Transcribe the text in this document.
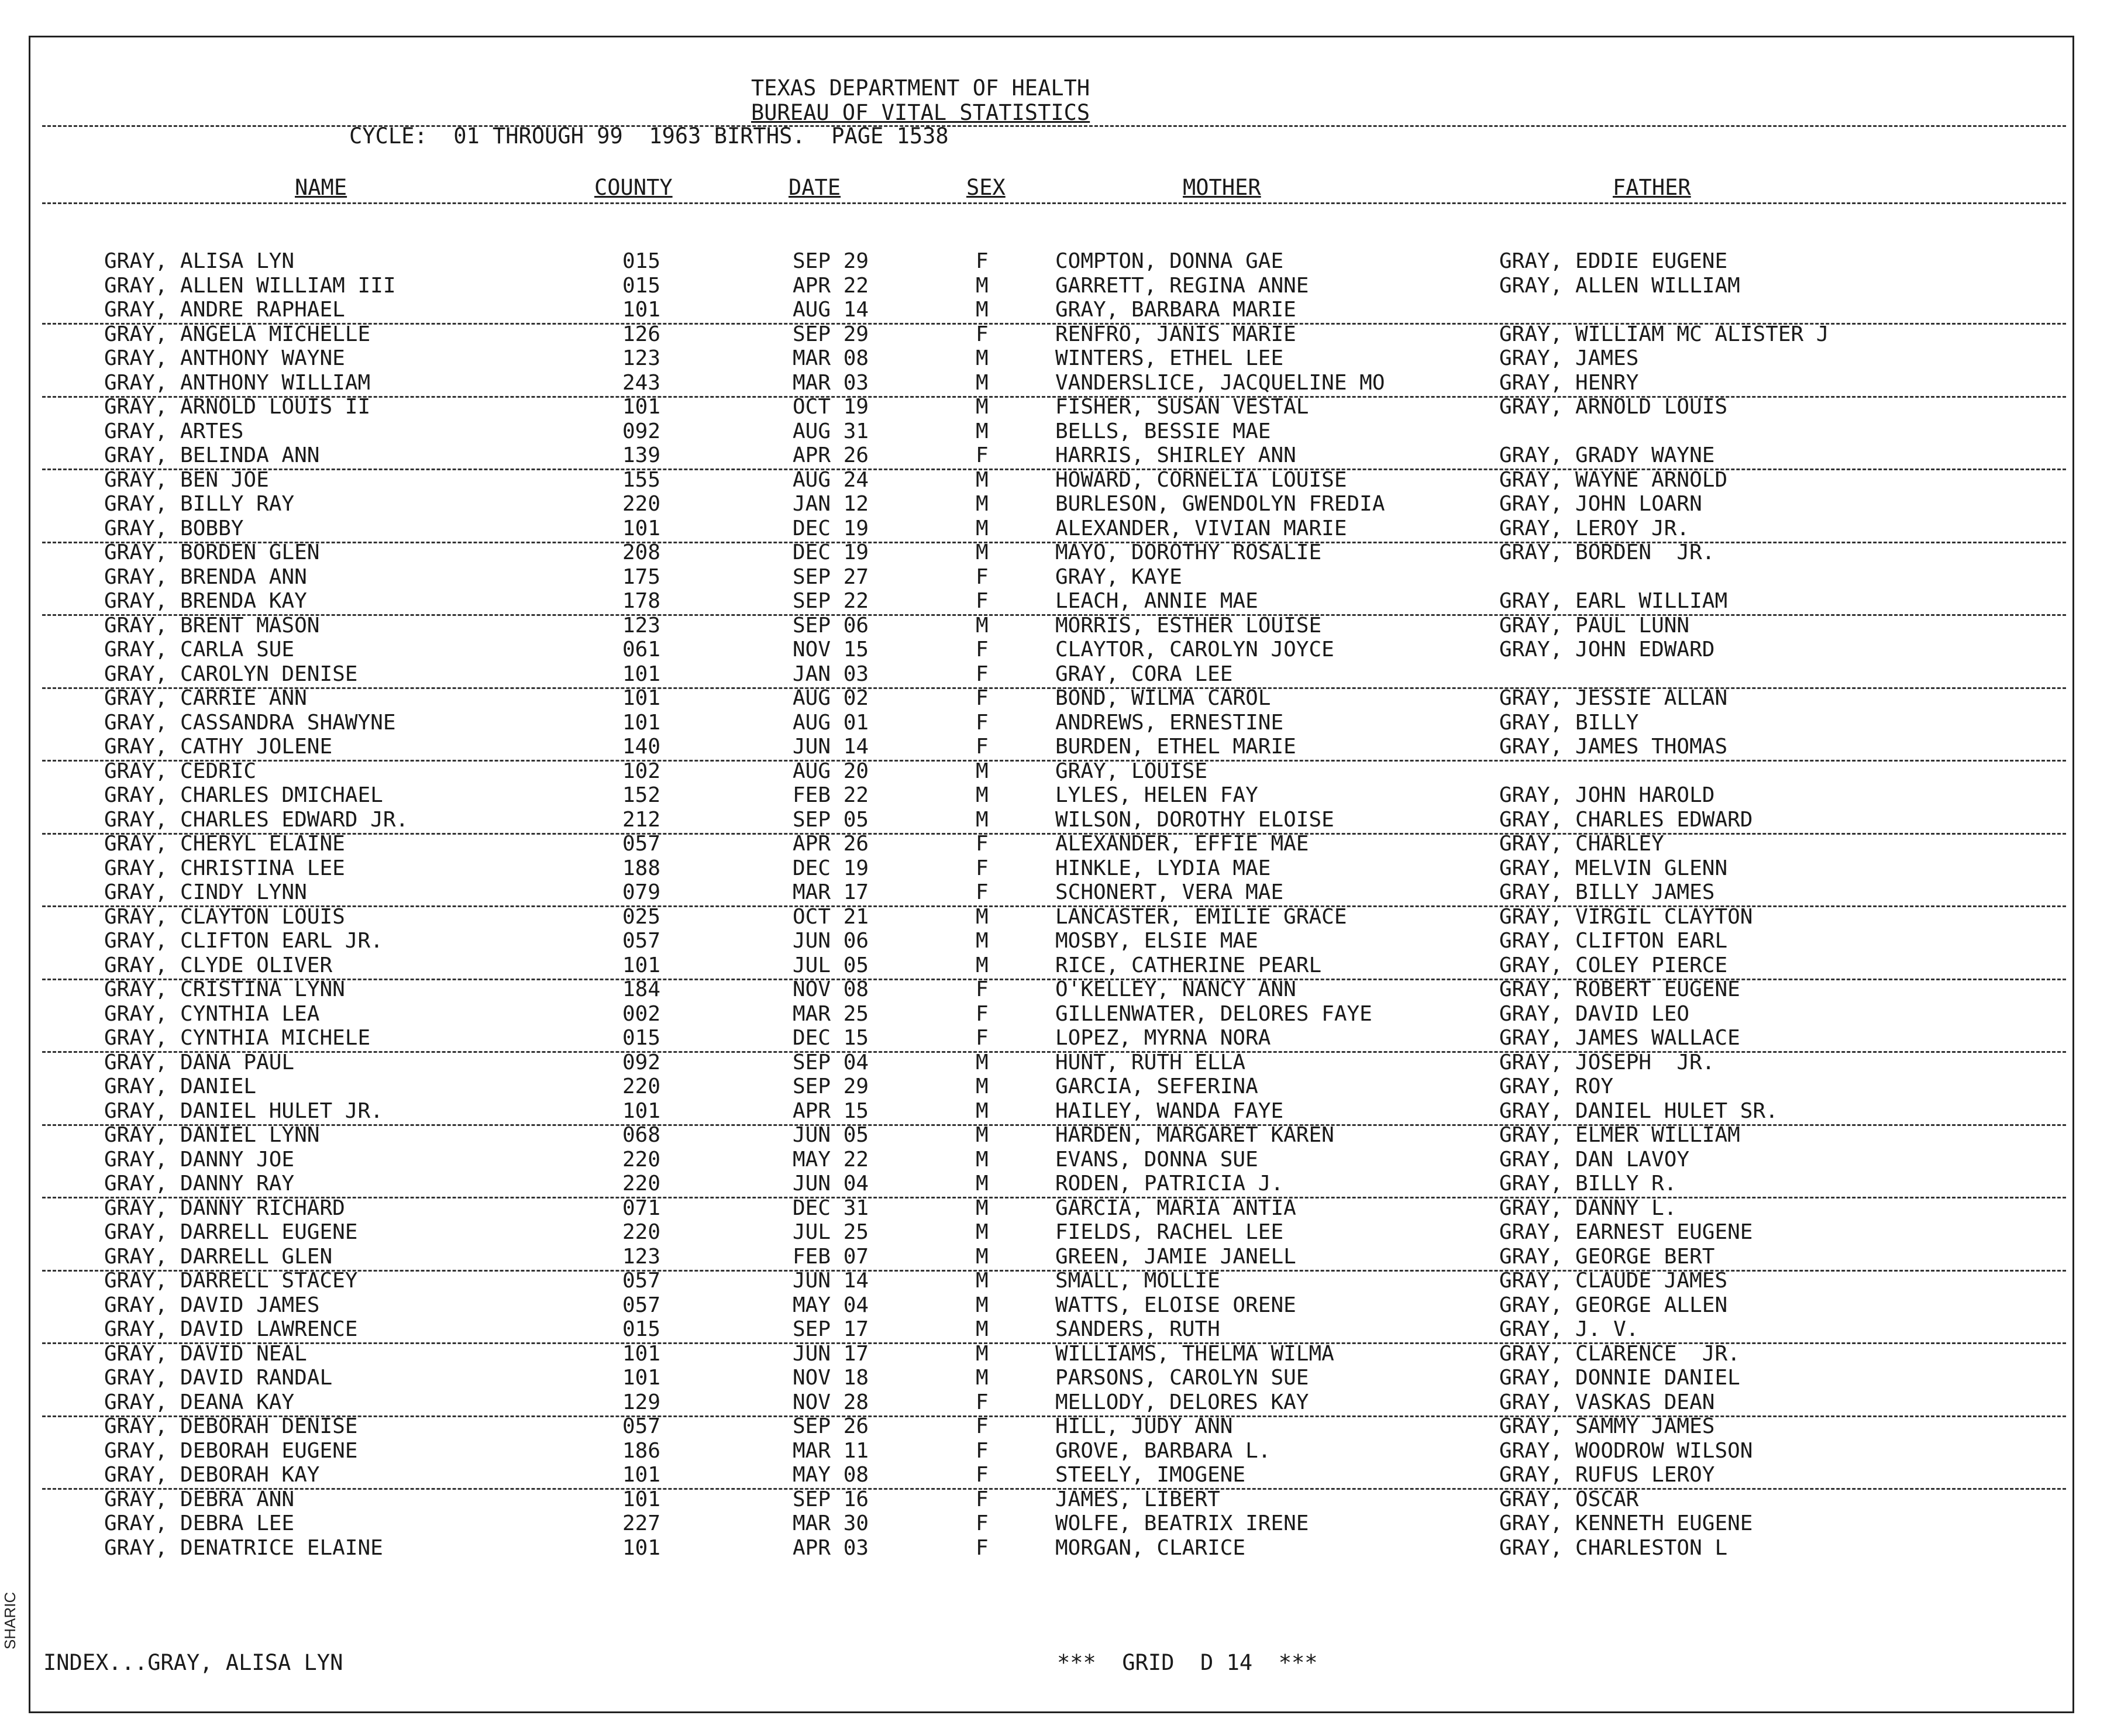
SHARIC
TEXAS DEPARTMENT OF HEALTH
BUREAU OF VITAL STATISTICS
CYCLE:  01 THROUGH 99  1963 BIRTHS.  PAGE 1538
NAME	COUNTY	DATE	SEX	MOTHER	FATHER
GRAY, ALISA LYN	015	SEP 29	F	COMPTON, DONNA GAE	GRAY, EDDIE EUGENE
GRAY, ALLEN WILLIAM III	015	APR 22	M	GARRETT, REGINA ANNE	GRAY, ALLEN WILLIAM
GRAY, ANDRE RAPHAEL	101	AUG 14	M	GRAY, BARBARA MARIE
GRAY, ANGELA MICHELLE	126	SEP 29	F	RENFRO, JANIS MARIE	GRAY, WILLIAM MC ALISTER J
GRAY, ANTHONY WAYNE	123	MAR 08	M	WINTERS, ETHEL LEE	GRAY, JAMES
GRAY, ANTHONY WILLIAM	243	MAR 03	M	VANDERSLICE, JACQUELINE MO	GRAY, HENRY
GRAY, ARNOLD LOUIS II	101	OCT 19	M	FISHER, SUSAN VESTAL	GRAY, ARNOLD LOUIS
GRAY, ARTES	092	AUG 31	M	BELLS, BESSIE MAE
GRAY, BELINDA ANN	139	APR 26	F	HARRIS, SHIRLEY ANN	GRAY, GRADY WAYNE
GRAY, BEN JOE	155	AUG 24	M	HOWARD, CORNELIA LOUISE	GRAY, WAYNE ARNOLD
GRAY, BILLY RAY	220	JAN 12	M	BURLESON, GWENDOLYN FREDIA	GRAY, JOHN LOARN
GRAY, BOBBY	101	DEC 19	M	ALEXANDER, VIVIAN MARIE	GRAY, LEROY JR.
GRAY, BORDEN GLEN	208	DEC 19	M	MAYO, DOROTHY ROSALIE	GRAY, BORDEN  JR.
GRAY, BRENDA ANN	175	SEP 27	F	GRAY, KAYE
GRAY, BRENDA KAY	178	SEP 22	F	LEACH, ANNIE MAE	GRAY, EARL WILLIAM
GRAY, BRENT MASON	123	SEP 06	M	MORRIS, ESTHER LOUISE	GRAY, PAUL LUNN
GRAY, CARLA SUE	061	NOV 15	F	CLAYTOR, CAROLYN JOYCE	GRAY, JOHN EDWARD
GRAY, CAROLYN DENISE	101	JAN 03	F	GRAY, CORA LEE
GRAY, CARRIE ANN	101	AUG 02	F	BOND, WILMA CAROL	GRAY, JESSIE ALLAN
GRAY, CASSANDRA SHAWYNE	101	AUG 01	F	ANDREWS, ERNESTINE	GRAY, BILLY
GRAY, CATHY JOLENE	140	JUN 14	F	BURDEN, ETHEL MARIE	GRAY, JAMES THOMAS
GRAY, CEDRIC	102	AUG 20	M	GRAY, LOUISE
GRAY, CHARLES DMICHAEL	152	FEB 22	M	LYLES, HELEN FAY	GRAY, JOHN HAROLD
GRAY, CHARLES EDWARD JR.	212	SEP 05	M	WILSON, DOROTHY ELOISE	GRAY, CHARLES EDWARD
GRAY, CHERYL ELAINE	057	APR 26	F	ALEXANDER, EFFIE MAE	GRAY, CHARLEY
GRAY, CHRISTINA LEE	188	DEC 19	F	HINKLE, LYDIA MAE	GRAY, MELVIN GLENN
GRAY, CINDY LYNN	079	MAR 17	F	SCHONERT, VERA MAE	GRAY, BILLY JAMES
GRAY, CLAYTON LOUIS	025	OCT 21	M	LANCASTER, EMILIE GRACE	GRAY, VIRGIL CLAYTON
GRAY, CLIFTON EARL JR.	057	JUN 06	M	MOSBY, ELSIE MAE	GRAY, CLIFTON EARL
GRAY, CLYDE OLIVER	101	JUL 05	M	RICE, CATHERINE PEARL	GRAY, COLEY PIERCE
GRAY, CRISTINA LYNN	184	NOV 08	F	O'KELLEY, NANCY ANN	GRAY, ROBERT EUGENE
GRAY, CYNTHIA LEA	002	MAR 25	F	GILLENWATER, DELORES FAYE	GRAY, DAVID LEO
GRAY, CYNTHIA MICHELE	015	DEC 15	F	LOPEZ, MYRNA NORA	GRAY, JAMES WALLACE
GRAY, DANA PAUL	092	SEP 04	M	HUNT, RUTH ELLA	GRAY, JOSEPH  JR.
GRAY, DANIEL	220	SEP 29	M	GARCIA, SEFERINA	GRAY, ROY
GRAY, DANIEL HULET JR.	101	APR 15	M	HAILEY, WANDA FAYE	GRAY, DANIEL HULET SR.
GRAY, DANIEL LYNN	068	JUN 05	M	HARDEN, MARGARET KAREN	GRAY, ELMER WILLIAM
GRAY, DANNY JOE	220	MAY 22	M	EVANS, DONNA SUE	GRAY, DAN LAVOY
GRAY, DANNY RAY	220	JUN 04	M	RODEN, PATRICIA J.	GRAY, BILLY R.
GRAY, DANNY RICHARD	071	DEC 31	M	GARCIA, MARIA ANTIA	GRAY, DANNY L.
GRAY, DARRELL EUGENE	220	JUL 25	M	FIELDS, RACHEL LEE	GRAY, EARNEST EUGENE
GRAY, DARRELL GLEN	123	FEB 07	M	GREEN, JAMIE JANELL	GRAY, GEORGE BERT
GRAY, DARRELL STACEY	057	JUN 14	M	SMALL, MOLLIE	GRAY, CLAUDE JAMES
GRAY, DAVID JAMES	057	MAY 04	M	WATTS, ELOISE ORENE	GRAY, GEORGE ALLEN
GRAY, DAVID LAWRENCE	015	SEP 17	M	SANDERS, RUTH	GRAY, J. V.
GRAY, DAVID NEAL	101	JUN 17	M	WILLIAMS, THELMA WILMA	GRAY, CLARENCE  JR.
GRAY, DAVID RANDAL	101	NOV 18	M	PARSONS, CAROLYN SUE	GRAY, DONNIE DANIEL
GRAY, DEANA KAY	129	NOV 28	F	MELLODY, DELORES KAY	GRAY, VASKAS DEAN
GRAY, DEBORAH DENISE	057	SEP 26	F	HILL, JUDY ANN	GRAY, SAMMY JAMES
GRAY, DEBORAH EUGENE	186	MAR 11	F	GROVE, BARBARA L.	GRAY, WOODROW WILSON
GRAY, DEBORAH KAY	101	MAY 08	F	STEELY, IMOGENE	GRAY, RUFUS LEROY
GRAY, DEBRA ANN	101	SEP 16	F	JAMES, LIBERT	GRAY, OSCAR
GRAY, DEBRA LEE	227	MAR 30	F	WOLFE, BEATRIX IRENE	GRAY, KENNETH EUGENE
GRAY, DENATRICE ELAINE	101	APR 03	F	MORGAN, CLARICE	GRAY, CHARLESTON L
INDEX...GRAY, ALISA LYN	***  GRID  D 14  ***
